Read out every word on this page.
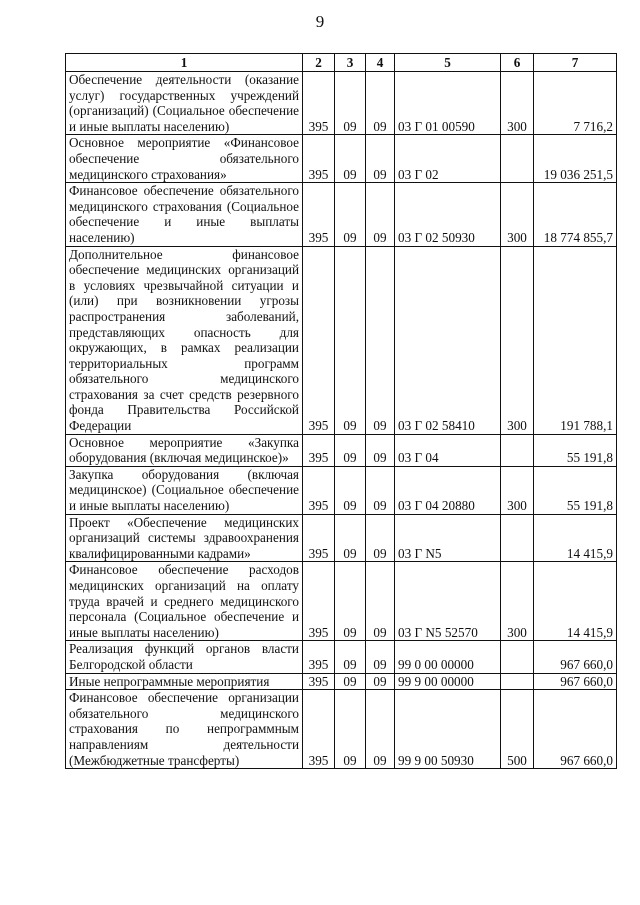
9
1	2	3	4	5	6	7
Обеспечение деятельности (оказание услуг) государственных учреждений (организаций) (Социальное обеспечение и иные выплаты населению)	395	09	09	03 Г 01 00590	300	7 716,2
Основное мероприятие «Финансовое обеспечение обязательного медицинского страхования»	395	09	09	03 Г 02		19 036 251,5
Финансовое обеспечение обязательного медицинского страхования (Социальное обеспечение и иные выплаты населению)	395	09	09	03 Г 02 50930	300	18 774 855,7
Дополнительное финансовое обеспечение медицинских организаций в условиях чрезвычайной ситуации и (или) при возникновении угрозы распространения заболеваний, представляющих опасность для окружающих, в рамках реализации территориальных программ обязательного медицинского страхования за счет средств резервного фонда Правительства Российской Федерации	395	09	09	03 Г 02 58410	300	191 788,1
Основное мероприятие «Закупка оборудования (включая медицинское)»	395	09	09	03 Г 04		55 191,8
Закупка оборудования (включая медицинское) (Социальное обеспечение и иные выплаты населению)	395	09	09	03 Г 04 20880	300	55 191,8
Проект «Обеспечение медицинских организаций системы здравоохранения квалифицированными кадрами»	395	09	09	03 Г N5		14 415,9
Финансовое обеспечение расходов медицинских организаций на оплату труда врачей и среднего медицинского персонала (Социальное обеспечение и иные выплаты населению)	395	09	09	03 Г N5 52570	300	14 415,9
Реализация функций органов власти Белгородской области	395	09	09	99 0 00 00000		967 660,0
Иные непрограммные мероприятия	395	09	09	99 9 00 00000		967 660,0
Финансовое обеспечение организации обязательного медицинского страхования по непрограммным направлениям деятельности (Межбюджетные трансферты)	395	09	09	99 9 00 50930	500	967 660,0
